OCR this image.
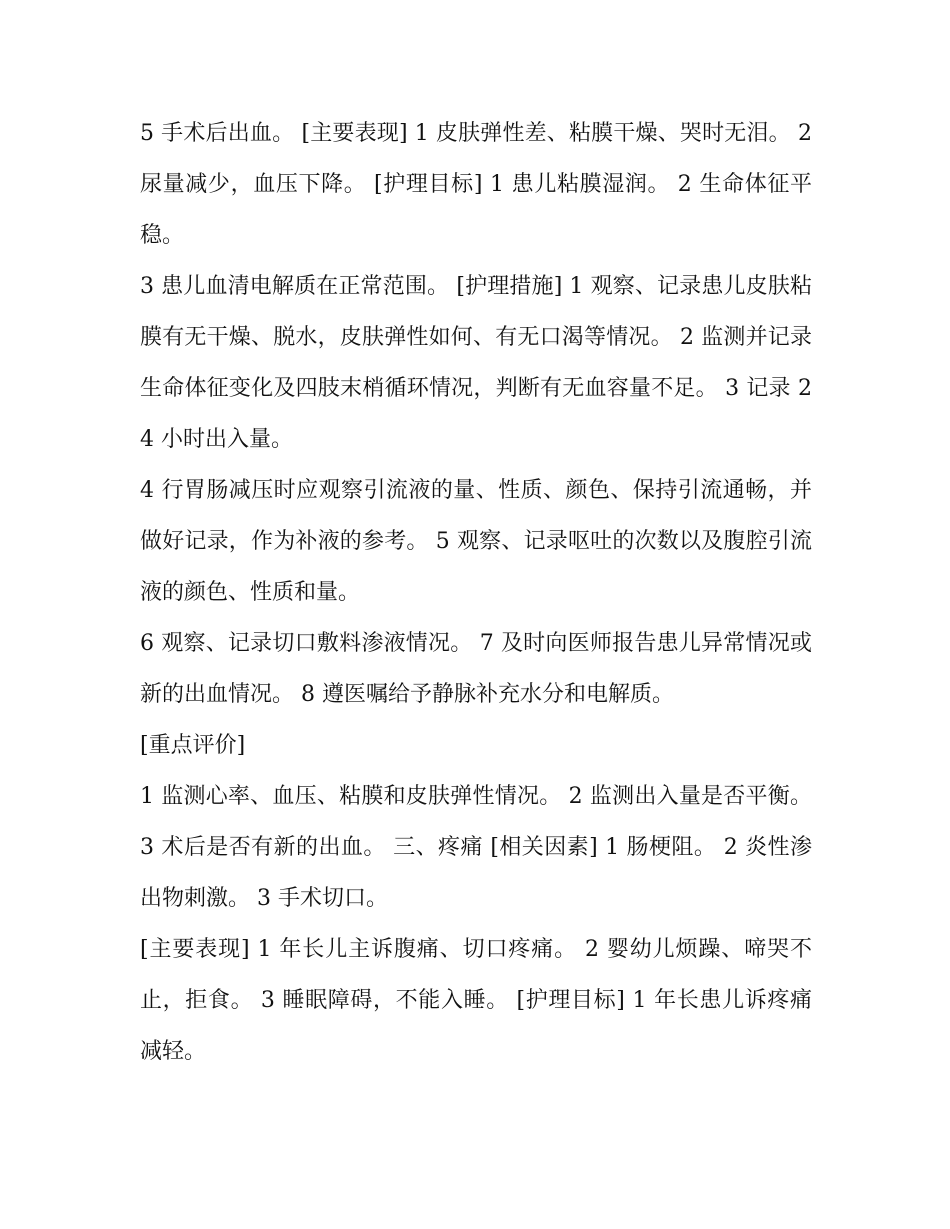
5 手术后出血。 [主要表现] 1 皮肤弹性差、粘膜干燥、哭时无泪。 2 尿量减少，血压下降。 [护理目标] 1 患儿粘膜湿润。 2 生命体征平稳。

3 患儿血清电解质在正常范围。 [护理措施] 1 观察、记录患儿皮肤粘膜有无干燥、脱水，皮肤弹性如何、有无口渴等情况。 2 监测并记录生命体征变化及四肢末梢循环情况，判断有无血容量不足。 3 记录 24 小时出入量。

4 行胃肠减压时应观察引流液的量、性质、颜色、保持引流通畅，并做好记录，作为补液的参考。 5 观察、记录呕吐的次数以及腹腔引流液的颜色、性质和量。

6 观察、记录切口敷料渗液情况。 7 及时向医师报告患儿异常情况或新的出血情况。 8 遵医嘱给予静脉补充水分和电解质。

[重点评价]

1 监测心率、血压、粘膜和皮肤弹性情况。 2 监测出入量是否平衡。 3 术后是否有新的出血。 三、疼痛 [相关因素] 1 肠梗阻。 2 炎性渗出物刺激。 3 手术切口。

[主要表现] 1 年长儿主诉腹痛、切口疼痛。 2 婴幼儿烦躁、啼哭不止，拒食。 3 睡眠障碍，不能入睡。 [护理目标] 1 年长患儿诉疼痛减轻。
